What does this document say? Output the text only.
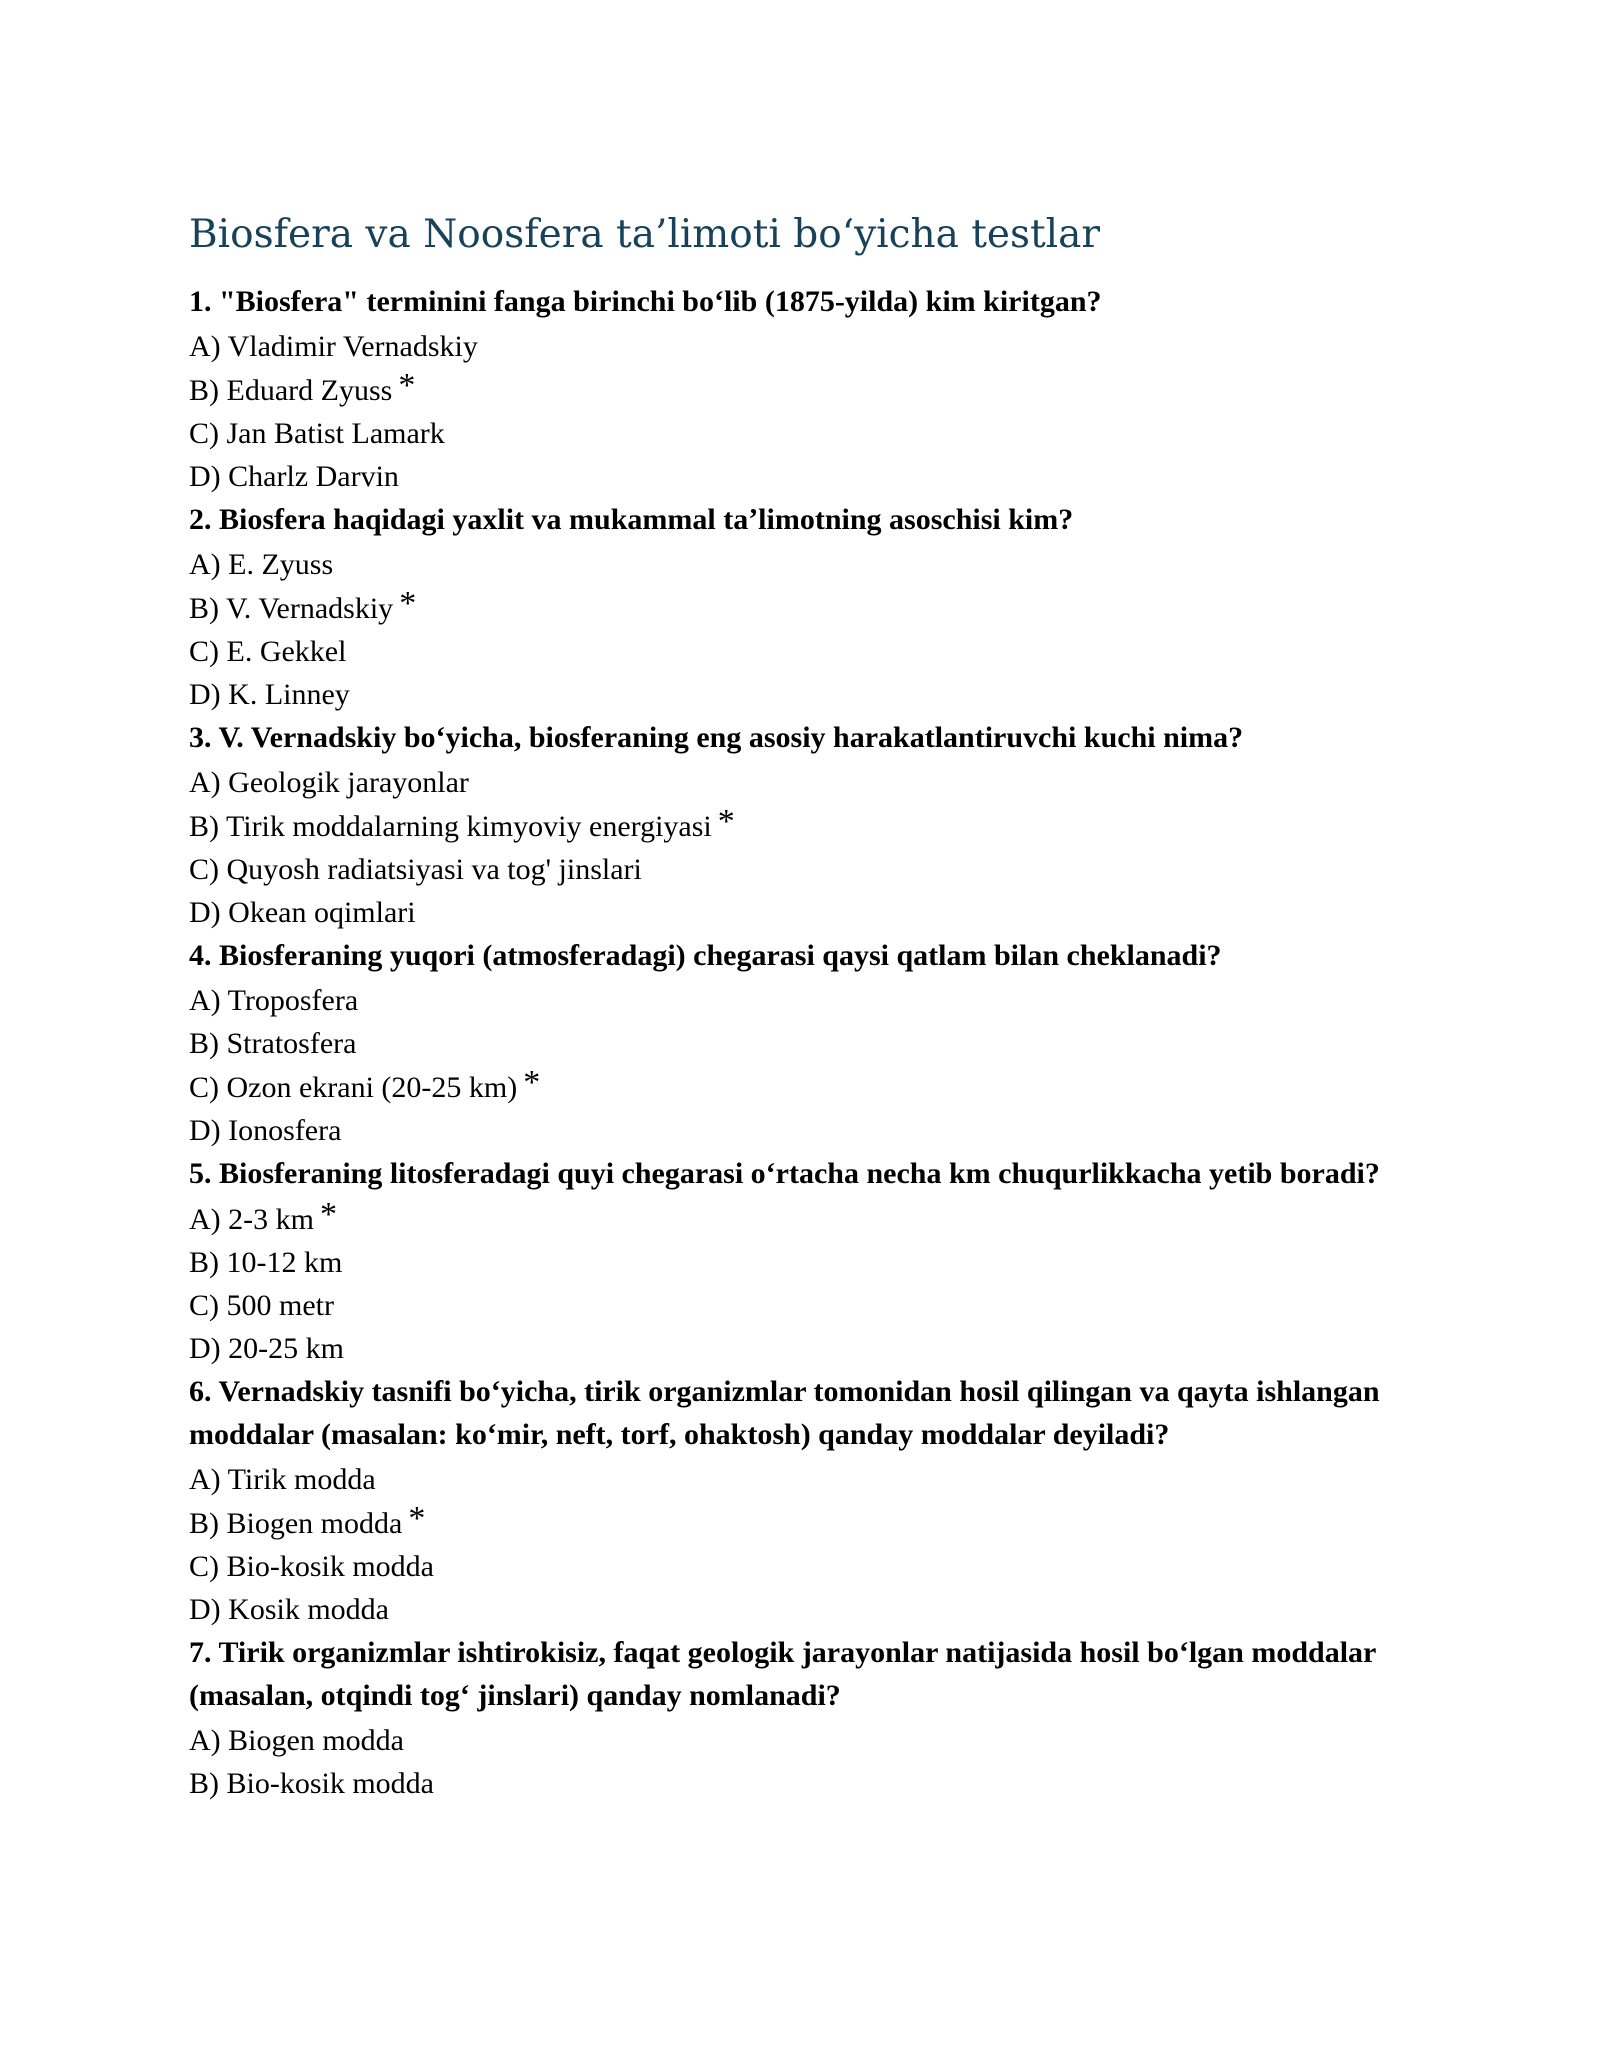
Biosfera va Noosfera ta’limoti bo‘yicha testlar

1. "Biosfera" terminini fanga birinchi boʻlib (1875-yilda) kim kiritgan?

A) Vladimir Vernadskiy

B) Eduard Zyuss *

C) Jan Batist Lamark

D) Charlz Darvin

2. Biosfera haqidagi yaxlit va mukammal taʼlimotning asoschisi kim?

A) E. Zyuss

B) V. Vernadskiy *

C) E. Gekkel

D) K. Linney

3. V. Vernadskiy boʻyicha, biosferaning eng asosiy harakatlantiruvchi kuchi nima?

A) Geologik jarayonlar

B) Tirik moddalarning kimyoviy energiyasi *

C) Quyosh radiatsiyasi va tog' jinslari

D) Okean oqimlari

4. Biosferaning yuqori (atmosferadagi) chegarasi qaysi qatlam bilan cheklanadi?

A) Troposfera

B) Stratosfera

C) Ozon ekrani (20-25 km) *

D) Ionosfera

5. Biosferaning litosferadagi quyi chegarasi oʻrtacha necha km chuqurlikkacha yetib boradi?

A) 2-3 km *

B) 10-12 km

C) 500 metr

D) 20-25 km

6. Vernadskiy tasnifi boʻyicha, tirik organizmlar tomonidan hosil qilingan va qayta ishlangan moddalar (masalan: koʻmir, neft, torf, ohaktosh) qanday moddalar deyiladi?

A) Tirik modda

B) Biogen modda *

C) Bio-kosik modda

D) Kosik modda

7. Tirik organizmlar ishtirokisiz, faqat geologik jarayonlar natijasida hosil boʻlgan moddalar (masalan, otqindi togʻ jinslari) qanday nomlanadi?

A) Biogen modda

B) Bio-kosik modda
